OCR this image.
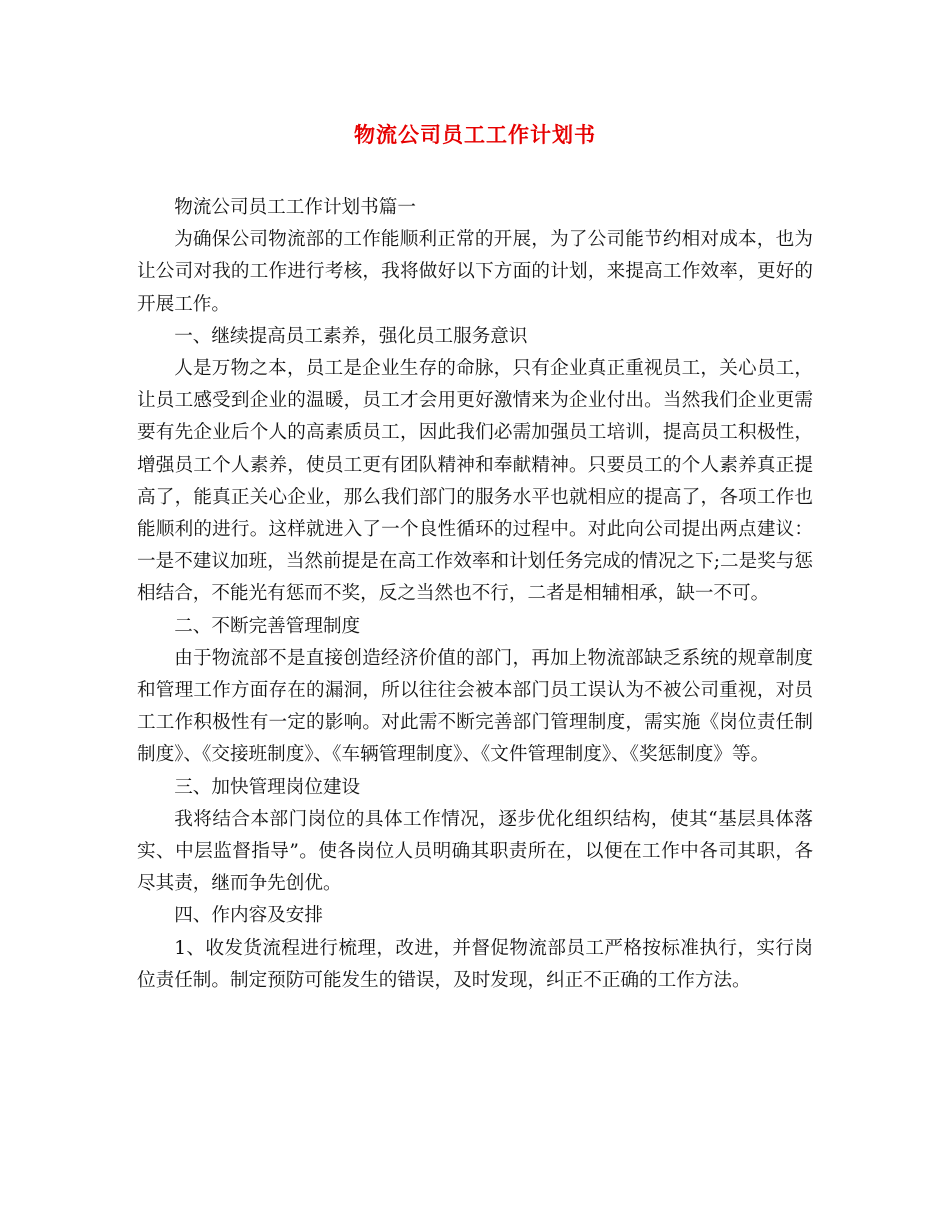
物流公司员工工作计划书

物流公司员工工作计划书篇一

为确保公司物流部的工作能顺利正常的开展，为了公司能节约相对成本，也为让公司对我的工作进行考核，我将做好以下方面的计划，来提高工作效率，更好的开展工作。

一、继续提高员工素养，强化员工服务意识

人是万物之本，员工是企业生存的命脉，只有企业真正重视员工，关心员工，让员工感受到企业的温暖，员工才会用更好激情来为企业付出。当然我们企业更需要有先企业后个人的高素质员工，因此我们必需加强员工培训，提高员工积极性，增强员工个人素养，使员工更有团队精神和奉献精神。只要员工的个人素养真正提高了，能真正关心企业，那么我们部门的服务水平也就相应的提高了，各项工作也能顺利的进行。这样就进入了一个良性循环的过程中。对此向公司提出两点建议：一是不建议加班，当然前提是在高工作效率和计划任务完成的情况之下;二是奖与惩相结合，不能光有惩而不奖，反之当然也不行，二者是相辅相承，缺一不可。

二、不断完善管理制度

由于物流部不是直接创造经济价值的部门，再加上物流部缺乏系统的规章制度和管理工作方面存在的漏洞，所以往往会被本部门员工误认为不被公司重视，对员工工作积极性有一定的影响。对此需不断完善部门管理制度，需实施《岗位责任制制度》、《交接班制度》、《车辆管理制度》、《文件管理制度》、《奖惩制度》等。

三、加快管理岗位建设

我将结合本部门岗位的具体工作情况，逐步优化组织结构，使其“基层具体落实、中层监督指导”。使各岗位人员明确其职责所在，以便在工作中各司其职，各尽其责，继而争先创优。

四、作内容及安排

1、收发货流程进行梳理，改进，并督促物流部员工严格按标准执行，实行岗位责任制。制定预防可能发生的错误，及时发现，纠正不正确的工作方法。
